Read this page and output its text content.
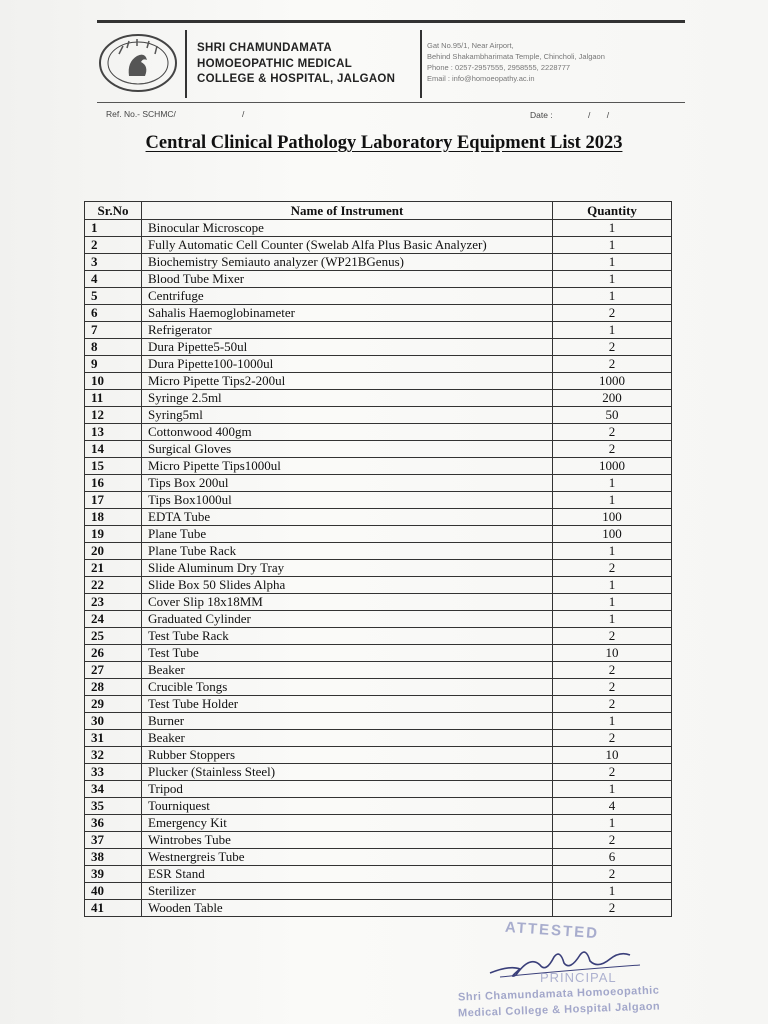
SHRI CHAMUNDAMATA
HOMOEOPATHIC MEDICAL
COLLEGE & HOSPITAL, JALGAON
Gat No.95/1, Near Airport,
Behind Shakambharimata Temple, Chincholi, Jalgaon
Phone : 0257-2957555, 2958555, 2228777
Email : info@homoeopathy.ac.in
Ref. No.- SCHMC/	/	Date :	/ /
Central Clinical Pathology Laboratory Equipment List 2023
Sr.No	Name of Instrument	Quantity
1	Binocular Microscope	1
2	Fully Automatic Cell Counter (Swelab Alfa Plus Basic Analyzer)	1
3	Biochemistry Semiauto analyzer (WP21BGenus)	1
4	Blood Tube Mixer	1
5	Centrifuge	1
6	Sahalis Haemoglobinameter	2
7	Refrigerator	1
8	Dura Pipette5-50ul	2
9	Dura Pipette100-1000ul	2
10	Micro Pipette Tips2-200ul	1000
11	Syringe 2.5ml	200
12	Syring5ml	50
13	Cottonwood 400gm	2
14	Surgical Gloves	2
15	Micro Pipette Tips1000ul	1000
16	Tips Box 200ul	1
17	Tips Box1000ul	1
18	EDTA Tube	100
19	Plane Tube	100
20	Plane Tube Rack	1
21	Slide Aluminum Dry Tray	2
22	Slide Box 50 Slides Alpha	1
23	Cover Slip 18x18MM	1
24	Graduated Cylinder	1
25	Test Tube Rack	2
26	Test Tube	10
27	Beaker	2
28	Crucible Tongs	2
29	Test Tube Holder	2
30	Burner	1
31	Beaker	2
32	Rubber Stoppers	10
33	Plucker (Stainless Steel)	2
34	Tripod	1
35	Tourniquest	4
36	Emergency Kit	1
37	Wintrobes Tube	2
38	Westnergreis Tube	6
39	ESR Stand	2
40	Sterilizer	1
41	Wooden Table	2
ATTESTED
PRINCIPAL
Shri Chamundamata Homoeopathic
Medical College & Hospital Jalgaon
